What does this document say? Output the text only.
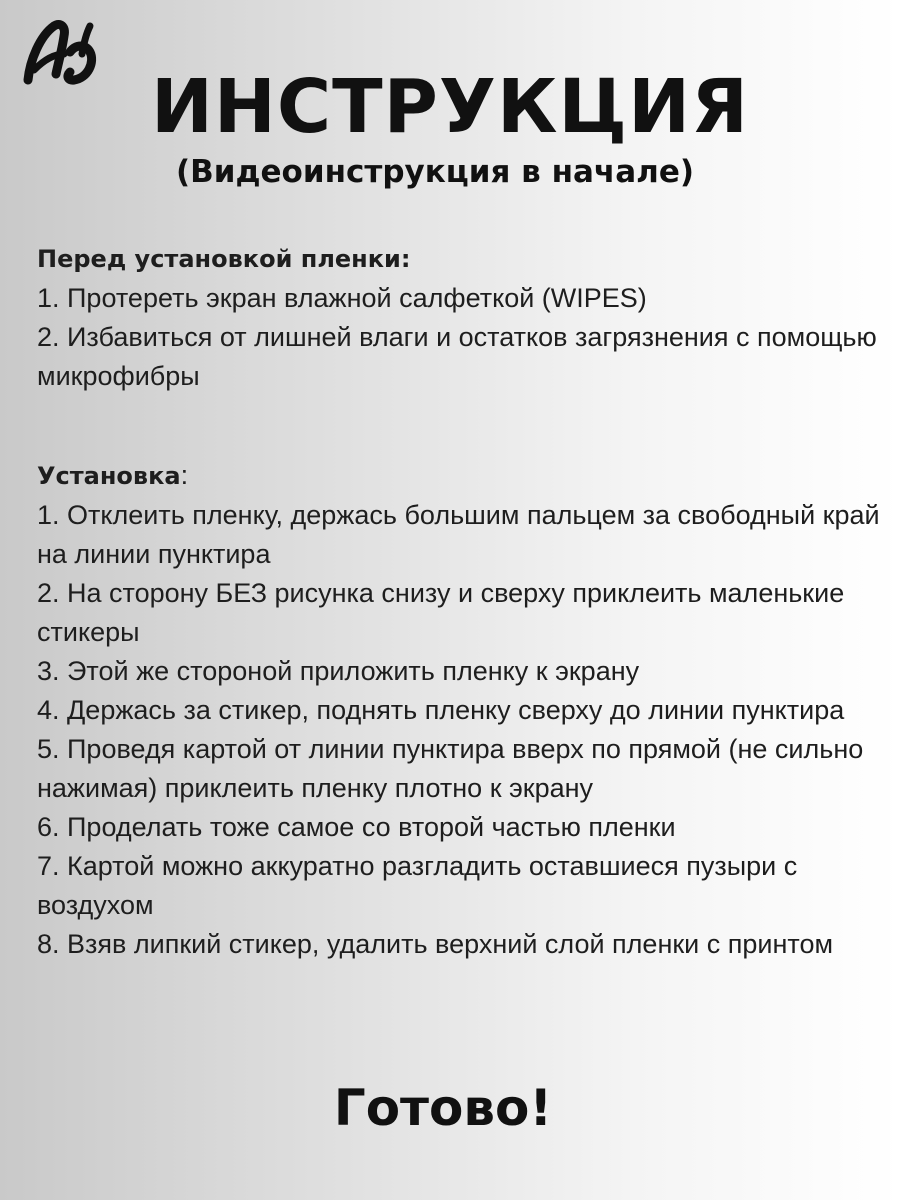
ИНСТРУКЦИЯ
(Видеоинструкция в начале)
Перед установкой пленки:
1. Протереть экран влажной салфеткой (WIPES)
2. Избавиться от лишней влаги и остатков загрязнения с помощью микрофибры
Установка:
1. Отклеить пленку, держась большим пальцем за свободный край на линии пунктира
2. На сторону БЕЗ рисунка снизу и сверху приклеить маленькие стикеры
3. Этой же стороной приложить пленку к экрану
4. Держась за стикер, поднять пленку сверху до линии пунктира
5. Проведя картой от линии пунктира вверх по прямой (не сильно нажимая) приклеить пленку плотно к экрану
6. Проделать тоже самое со второй частью пленки
7. Картой можно аккуратно разгладить оставшиеся пузыри с воздухом
8. Взяв липкий стикер, удалить верхний слой пленки с принтом
Готово!
